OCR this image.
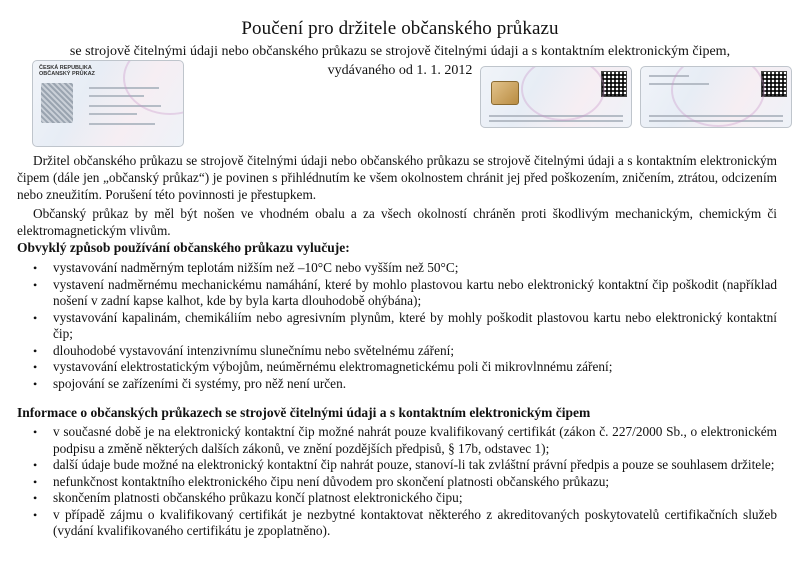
Poučení pro držitele občanského průkazu
se strojově čitelnými údaji nebo občanského průkazu se strojově čitelnými údaji a s kontaktním elektronickým čipem,
vydávaného od 1. 1. 2012
ČESKÁ REPUBLIKA
OBČANSKÝ PRŮKAZ
Držitel občanského průkazu se strojově čitelnými údaji nebo občanského průkazu se strojově čitelnými údaji a s kontaktním elektronickým čipem (dále jen „občanský průkaz“) je povinen s přihlédnutím ke všem okolnostem chránit jej před poškozením, zničením, ztrátou, odcizením nebo zneužitím. Porušení této povinnosti je přestupkem.
Občanský průkaz by měl být nošen ve vhodném obalu a za všech okolností chráněn proti škodlivým mechanickým, chemickým či elektromagnetickým vlivům.
Obvyklý způsob používání občanského průkazu vylučuje:
• vystavování nadměrným teplotám nižším než –10°C nebo vyšším než 50°C;
• vystavení nadměrnému mechanickému namáhání, které by mohlo plastovou kartu nebo elektronický kontaktní čip poškodit (například nošení v zadní kapse kalhot, kde by byla karta dlouhodobě ohýbána);
• vystavování kapalinám, chemikáliím nebo agresivním plynům, které by mohly poškodit plastovou kartu nebo elektronický kontaktní čip;
• dlouhodobé vystavování intenzivnímu slunečnímu nebo světelnému záření;
• vystavování elektrostatickým výbojům, neúměrnému elektromagnetickému poli či mikrovlnnému záření;
• spojování se zařízeními či systémy, pro něž není určen.
Informace o občanských průkazech se strojově čitelnými údaji a s kontaktním elektronickým čipem
• v současné době je na elektronický kontaktní čip možné nahrát pouze kvalifikovaný certifikát (zákon č. 227/2000 Sb., o elektronickém podpisu a změně některých dalších zákonů, ve znění pozdějších předpisů, § 17b, odstavec 1);
• další údaje bude možné na elektronický kontaktní čip nahrát pouze, stanoví-li tak zvláštní právní předpis a pouze se souhlasem držitele;
• nefunkčnost kontaktního elektronického čipu není důvodem pro skončení platnosti občanského průkazu;
• skončením platnosti občanského průkazu končí platnost elektronického čipu;
• v případě zájmu o kvalifikovaný certifikát je nezbytné kontaktovat některého z akreditovaných poskytovatelů certifikačních služeb (vydání kvalifikovaného certifikátu je zpoplatněno).
